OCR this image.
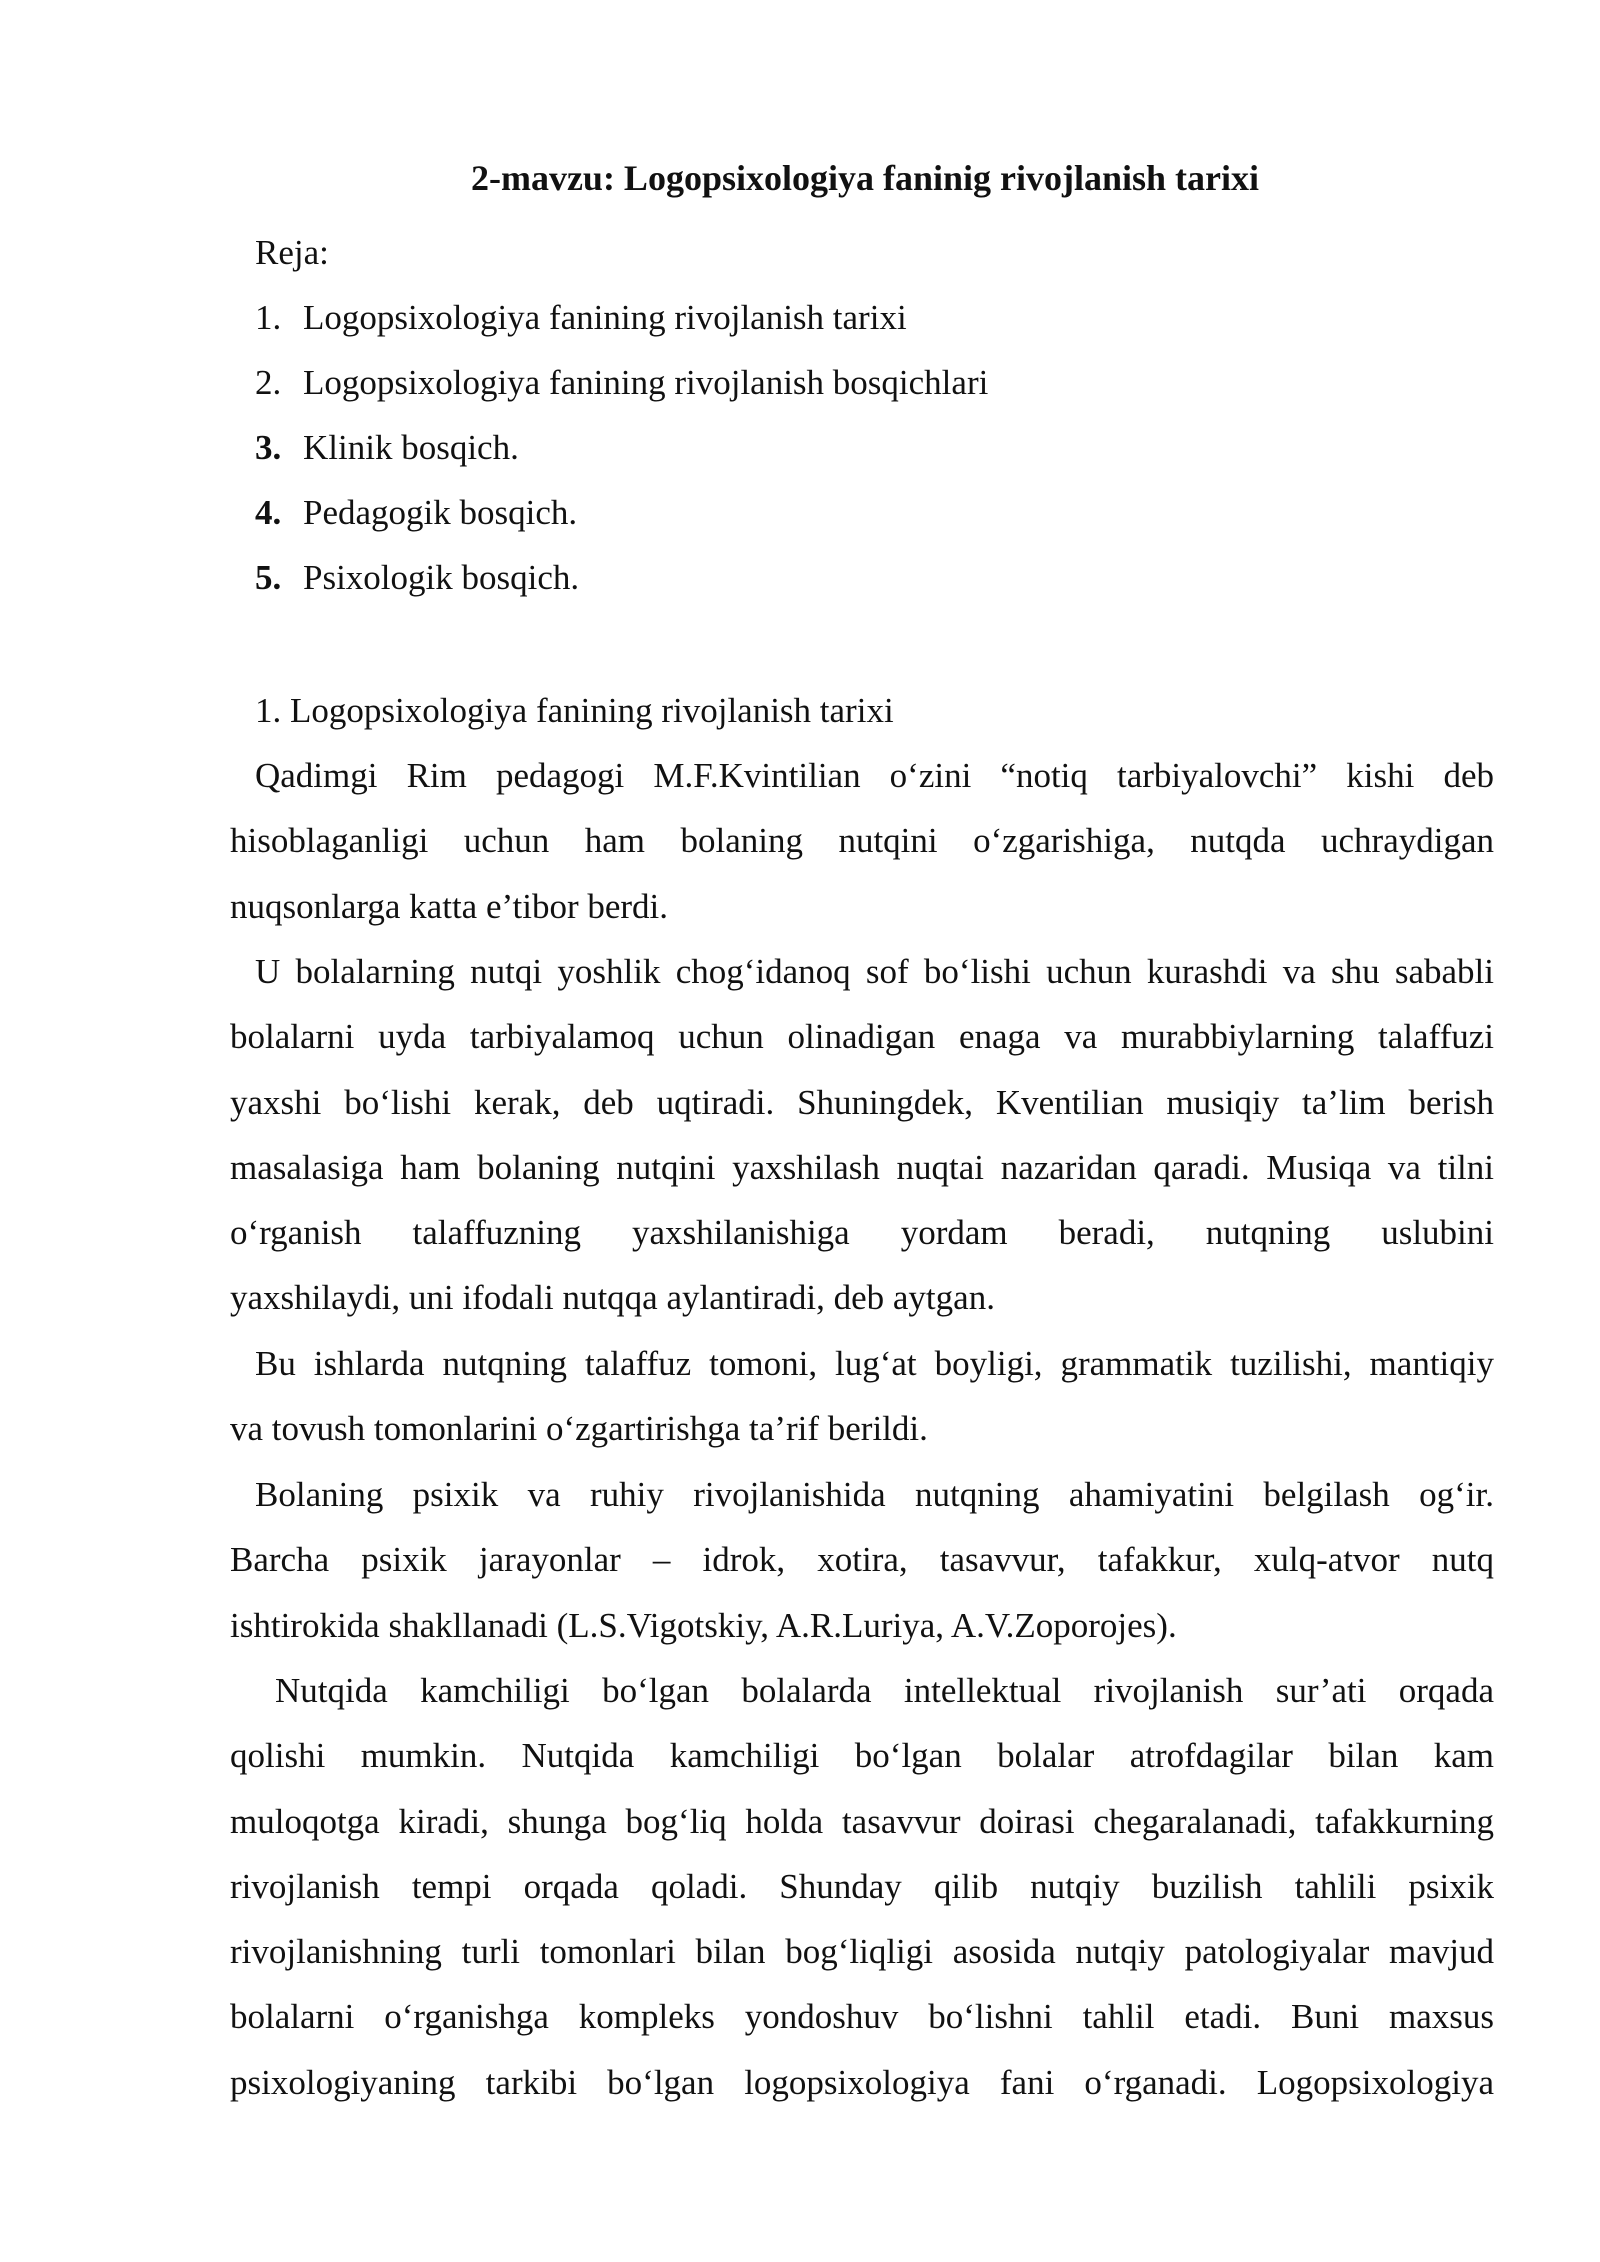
2-mavzu: Logopsixologiya faninig rivojlanish tarixi
Reja:
1. Logopsixologiya fanining rivojlanish tarixi
2. Logopsixologiya fanining rivojlanish bosqichlari
3. Klinik bosqich.
4. Pedagogik bosqich.
5. Psixologik bosqich.
1. Logopsixologiya fanining rivojlanish tarixi
Qadimgi Rim pedagogi M.F.Kvintilian o‘zini “notiq tarbiyalovchi” kishi deb
hisoblaganligi uchun ham bolaning nutqini o‘zgarishiga, nutqda uchraydigan
nuqsonlarga katta e’tibor berdi.
U bolalarning nutqi yoshlik chog‘idanoq sof bo‘lishi uchun kurashdi va shu sababli
bolalarni uyda tarbiyalamoq uchun olinadigan enaga va murabbiylarning talaffuzi
yaxshi bo‘lishi kerak, deb uqtiradi. Shuningdek, Kventilian musiqiy ta’lim berish
masalasiga ham bolaning nutqini yaxshilash nuqtai nazaridan qaradi. Musiqa va tilni
o‘rganish talaffuzning yaxshilanishiga yordam beradi, nutqning uslubini
yaxshilaydi, uni ifodali nutqqa aylantiradi, deb aytgan.
Bu ishlarda nutqning talaffuz tomoni, lug‘at boyligi, grammatik tuzilishi, mantiqiy
va tovush tomonlarini o‘zgartirishga ta’rif berildi.
Bolaning psixik va ruhiy rivojlanishida nutqning ahamiyatini belgilash og‘ir.
Barcha psixik jarayonlar – idrok, xotira, tasavvur, tafakkur, xulq-atvor nutq
ishtirokida shakllanadi (L.S.Vigotskiy, A.R.Luriya, A.V.Zoporojes).
Nutqida kamchiligi bo‘lgan bolalarda intellektual rivojlanish sur’ati orqada
qolishi mumkin. Nutqida kamchiligi bo‘lgan bolalar atrofdagilar bilan kam
muloqotga kiradi, shunga bog‘liq holda tasavvur doirasi chegaralanadi, tafakkurning
rivojlanish tempi orqada qoladi. Shunday qilib nutqiy buzilish tahlili psixik
rivojlanishning turli tomonlari bilan bog‘liqligi asosida nutqiy patologiyalar mavjud
bolalarni o‘rganishga kompleks yondoshuv bo‘lishni tahlil etadi. Buni maxsus
psixologiyaning tarkibi bo‘lgan logopsixologiya fani o‘rganadi. Logopsixologiya
